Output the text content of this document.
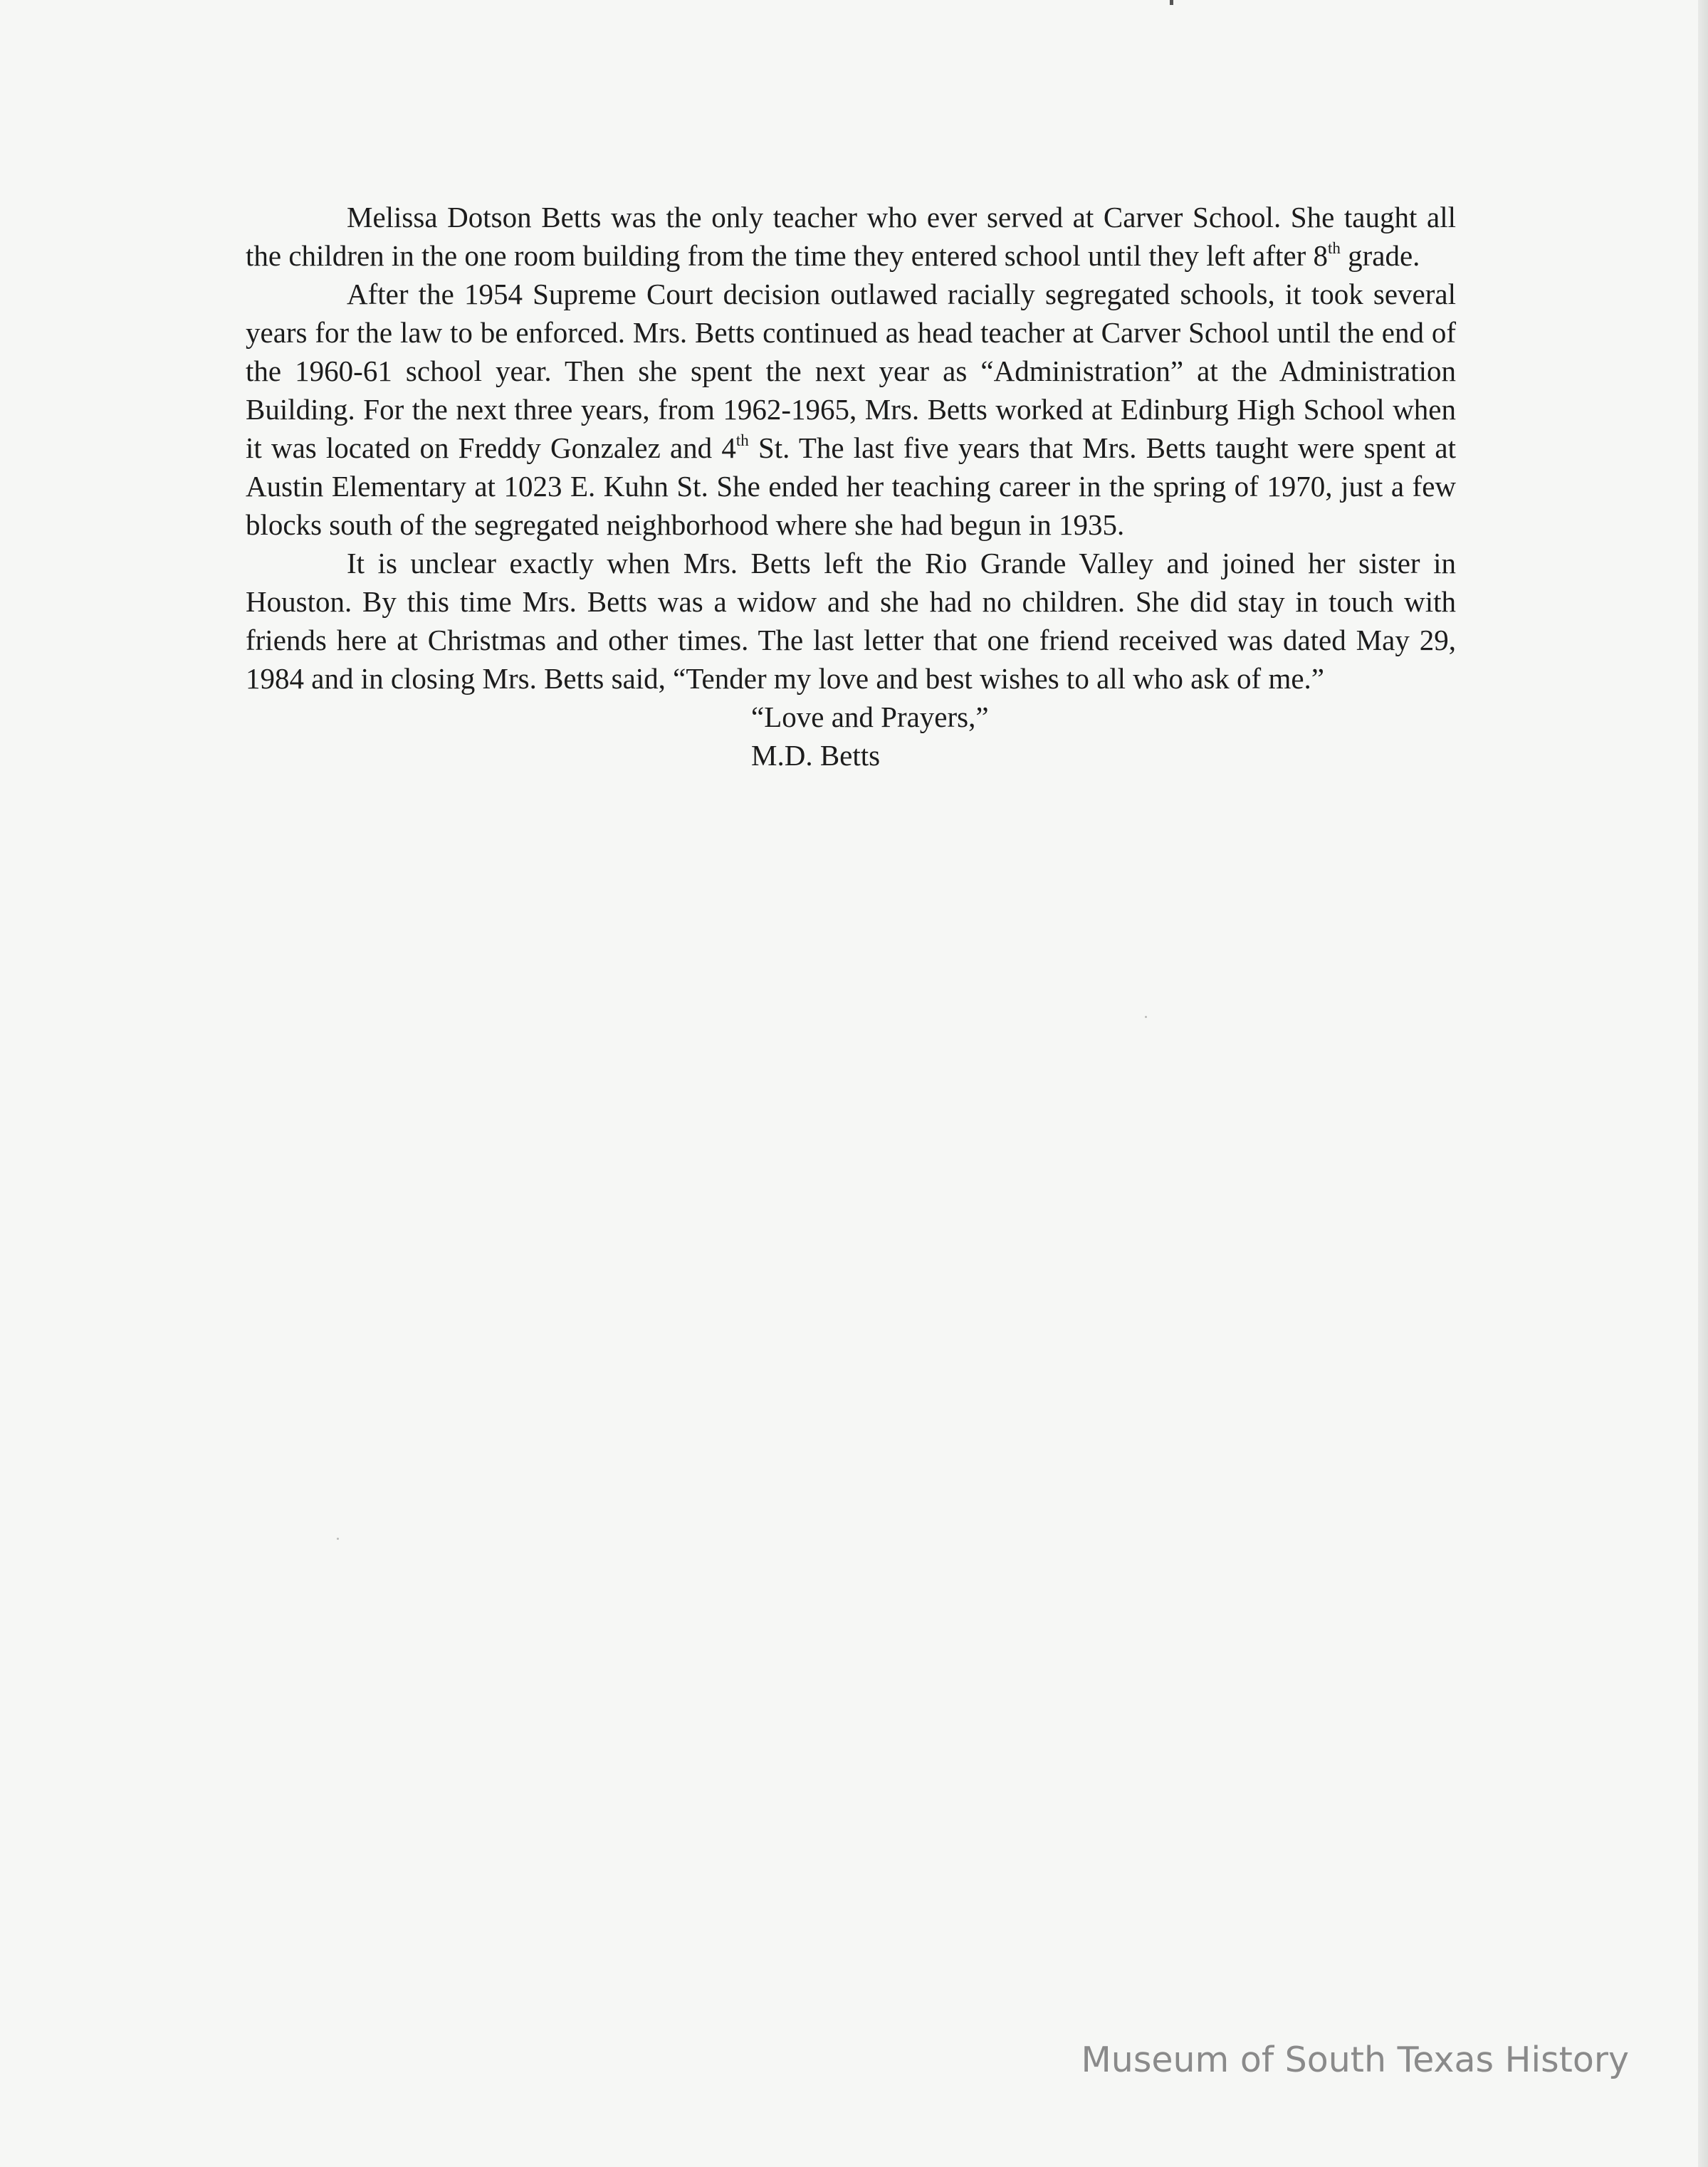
Melissa Dotson Betts was the only teacher who ever served at Carver School. She taught all the children in the one room building from the time they entered school until they left after 8th grade.

After the 1954 Supreme Court decision outlawed racially segregated schools, it took several years for the law to be enforced. Mrs. Betts continued as head teacher at Carver School until the end of the 1960-61 school year. Then she spent the next year as “Administration” at the Administration Building. For the next three years, from 1962-1965, Mrs. Betts worked at Edinburg High School when it was located on Freddy Gonzalez and 4th St. The last five years that Mrs. Betts taught were spent at Austin Elementary at 1023 E. Kuhn St. She ended her teaching career in the spring of 1970, just a few blocks south of the segregated neighborhood where she had begun in 1935.

It is unclear exactly when Mrs. Betts left the Rio Grande Valley and joined her sister in Houston. By this time Mrs. Betts was a widow and she had no children. She did stay in touch with friends here at Christmas and other times. The last letter that one friend received was dated May 29, 1984 and in closing Mrs. Betts said, “Tender my love and best wishes to all who ask of me.”

“Love and Prayers,”
M.D. Betts
Museum of South Texas History
